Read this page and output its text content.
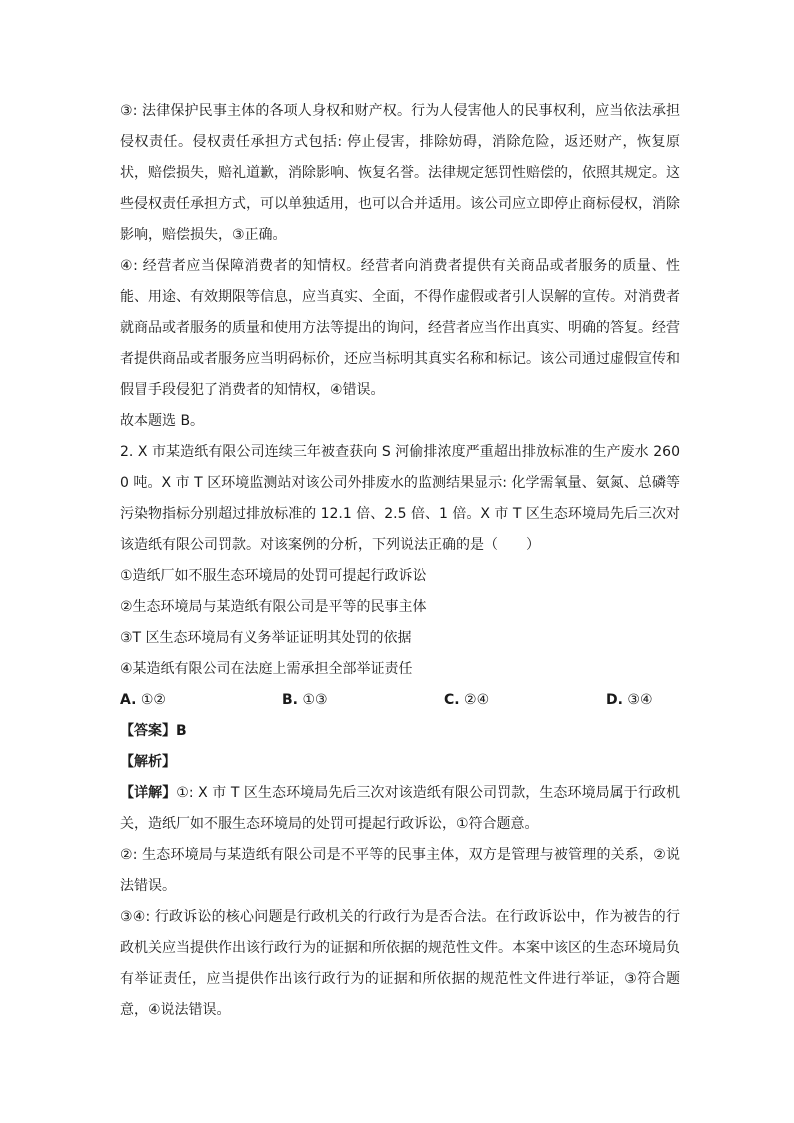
③: 法律保护民事主体的各项人身权和财产权。行为人侵害他人的民事权利，应当依法承担侵权责任。侵权责任承担方式包括: 停止侵害，排除妨碍，消除危险，返还财产，恢复原状，赔偿损失，赔礼道歉，消除影响、恢复名誉。法律规定惩罚性赔偿的，依照其规定。这些侵权责任承担方式，可以单独适用，也可以合并适用。该公司应立即停止商标侵权，消除影响，赔偿损失，③正确。

④: 经营者应当保障消费者的知情权。经营者向消费者提供有关商品或者服务的质量、性能、用途、有效期限等信息，应当真实、全面，不得作虚假或者引人误解的宣传。对消费者就商品或者服务的质量和使用方法等提出的询问，经营者应当作出真实、明确的答复。经营者提供商品或者服务应当明码标价，还应当标明其真实名称和标记。该公司通过虚假宣传和假冒手段侵犯了消费者的知情权，④错误。

故本题选 B。

2. X 市某造纸有限公司连续三年被查获向 S 河偷排浓度严重超出排放标准的生产废水 2600 吨。X 市 T 区环境监测站对该公司外排废水的监测结果显示: 化学需氧量、氨氮、总磷等污染物指标分别超过排放标准的 12.1 倍、2.5 倍、1 倍。X 市 T 区生态环境局先后三次对该造纸有限公司罚款。对该案例的分析，下列说法正确的是（　　）

①造纸厂如不服生态环境局的处罚可提起行政诉讼

②生态环境局与某造纸有限公司是平等的民事主体

③T 区生态环境局有义务举证证明其处罚的依据

④某造纸有限公司在法庭上需承担全部举证责任

A. ①②	B. ①③	C. ②④	D. ③④

【答案】B

【解析】

【详解】①: X 市 T 区生态环境局先后三次对该造纸有限公司罚款，生态环境局属于行政机关，造纸厂如不服生态环境局的处罚可提起行政诉讼，①符合题意。

②: 生态环境局与某造纸有限公司是不平等的民事主体，双方是管理与被管理的关系，②说法错误。

③④: 行政诉讼的核心问题是行政机关的行政行为是否合法。在行政诉讼中，作为被告的行政机关应当提供作出该行政行为的证据和所依据的规范性文件。本案中该区的生态环境局负有举证责任，应当提供作出该行政行为的证据和所依据的规范性文件进行举证，③符合题意，④说法错误。
